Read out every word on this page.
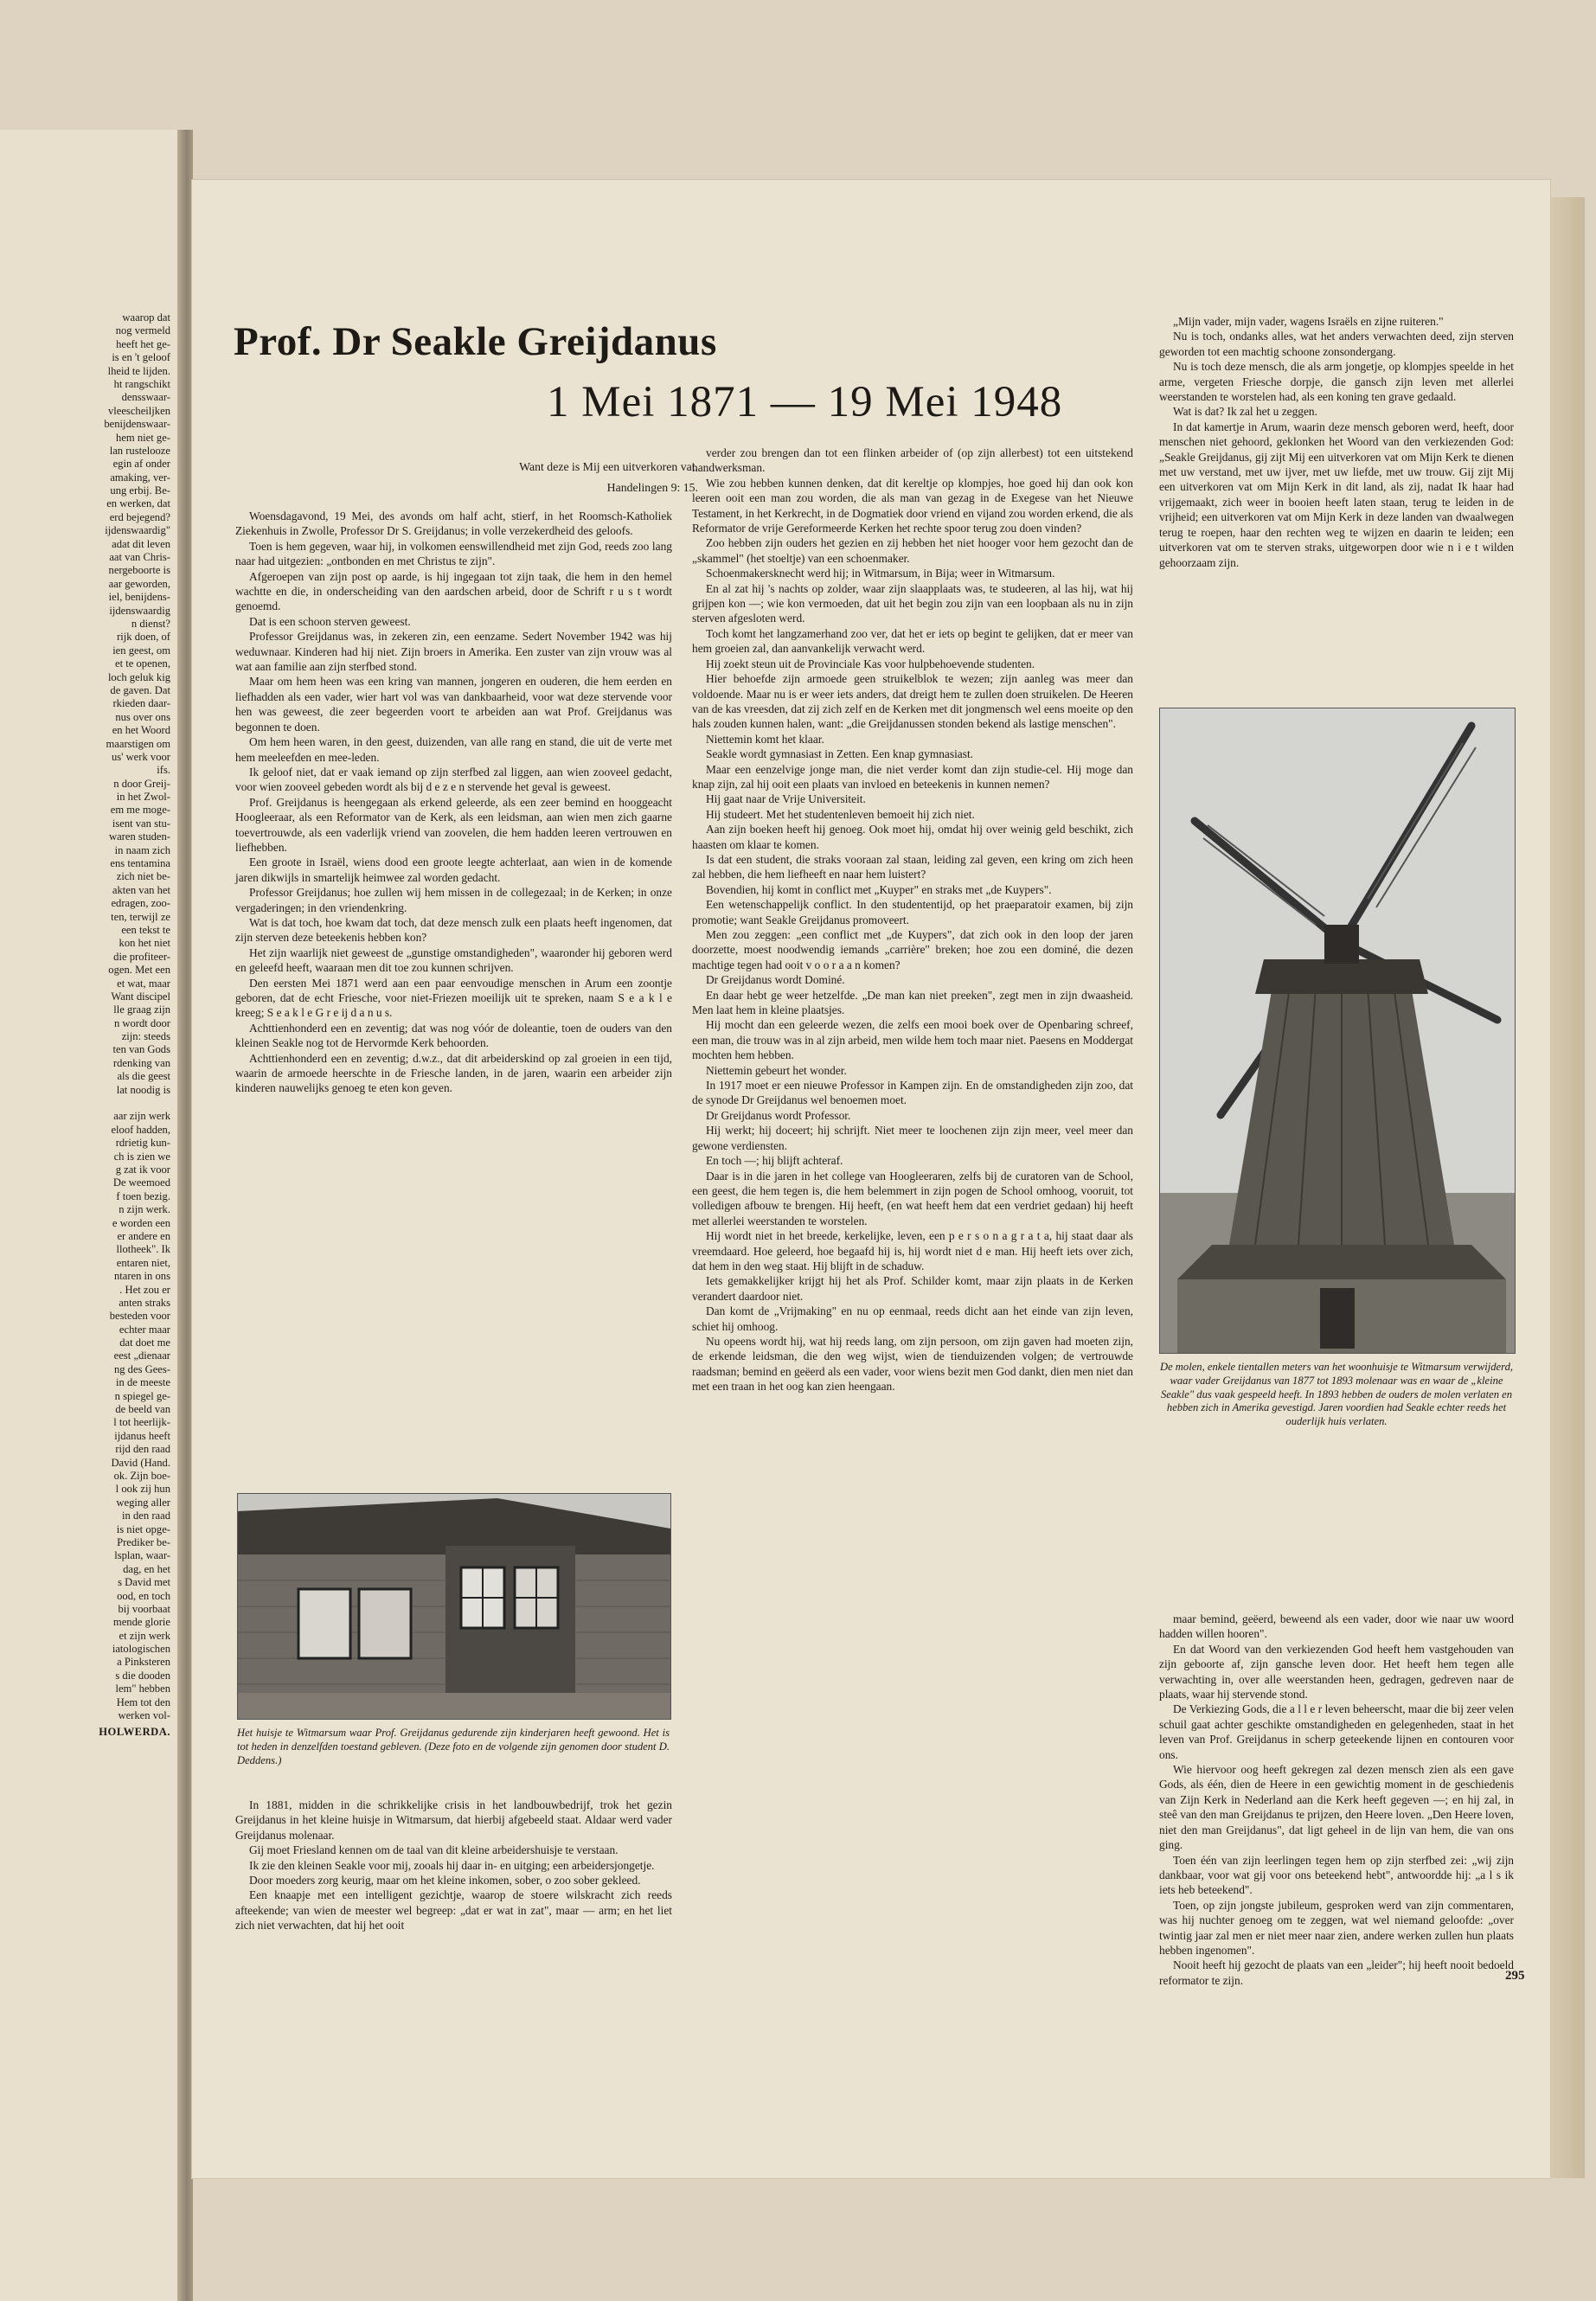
waarop dat
nog vermeld
heeft het ge-
is en 't geloof
lheid te lijden.
ht rangschikt
densswaar-
vleescheiljken
benijdenswaar-
hem niet ge-
lan rusteloozе
egin af onder
amaking, ver-
ung erbij. Be-
en werken, dat
erd bejegend?
ijdenswaardig"
adat dit leven
aat van Chris-
nergeboorte is
aar geworden,
iel, benijdens-
ijdenswaardig
n dienst?
rijk doen, of
ien geest, om
et te openen,
loch geluk kig
de gaven. Dat
rkieden daar-
nus over ons
en het Woord
maarstigen om
us' werk voor
ifs.
n door Greij-
in het Zwol-
em me moge-
isent van stu-
waren studen-
in naam zich
ens tentamina
zich niet be-
akten van het
edragen, zoo-
ten, terwijl ze
een tekst te
kon het niet
die profiteer-
ogen. Met een
et wat, maar
Want discipel
lle graag zijn
n wordt door
zijn: steeds
ten van Gods
rdenking van
als die geest
lat noodig is
aar zijn werk
eloof hadden,
rdrietig kun-
ch is zien we
g zat ik voor
De weemoed
f toen bezig.
n zijn werk.
e worden een
er andere en
llotheek". Ik
entaren niet,
ntaren in ons
. Het zou er
anten straks
besteden voor
echter maar
dat doet me
eest „dienaar
ng des Gees-
in de meeste
n spiegel ge-
de beeld van
l tot heerlijk-
ijdanus heeft
rijd den raad
David (Hand.
ok. Zijn boe-
l ook zij hun
weging aller
in den raad
is niet opge-
Prediker be-
lsplan, waar-
dag, en het
s David met
ood, en toch
bij voorbaat
mende glorie
et zijn werk
iatologischen
a Pinksteren
s die dooden
lem" hebben
Hem tot den
werken vol-
HOLWERDA.
Prof. Dr Seakle Greijdanus
1 Mei 1871 — 19 Mei 1948
Want deze is Mij een uitverkoren vat.
Handelingen 9: 15.

Woensdagavond, 19 Mei, des avonds om half acht, stierf, in het Roomsch-Katholiek Ziekenhuis in Zwolle, Professor Dr S. Greijdanus; in volle verzekerdheid des geloofs.

Toen is hem gegeven, waar hij, in volkomen eenswillendheid met zijn God, reeds zoo lang naar had uitgezien: „ontbonden en met Christus te zijn".

Afgeroepen van zijn post op aarde, is hij ingegaan tot zijn taak, die hem in den hemel wachtte en die, in onderscheiding van den aardschen arbeid, door de Schrift r u s t wordt genoemd.

Dat is een schoon sterven geweest.

Professor Greijdanus was, in zekeren zin, een eenzame. Sedert November 1942 was hij weduwnaar. Kinderen had hij niet. Zijn broers in Amerika. Een zuster van zijn vrouw was al wat aan familie aan zijn sterfbed stond.

Maar om hem heen was een kring van mannen, jongeren en ouderen, die hem eerden en liefhadden als een vader, wier hart vol was van dankbaarheid, voor wat deze stervende voor hen was geweest, die zeer begeerden voort te arbeiden aan wat Prof. Greijdanus was begonnen te doen.

Om hem heen waren, in den geest, duizenden, van alle rang en stand, die uit de verte met hem meeleefden en mee-leden.

Ik geloof niet, dat er vaak iemand op zijn sterfbed zal liggen, aan wien zooveel gedacht, voor wien zooveel gebeden wordt als bij d e z e n stervende het geval is geweest.

Prof. Greijdanus is heengegaan als erkend geleerde, als een zeer bemind en hooggeacht Hoogleeraar, als een Reformator van de Kerk, als een leidsman, aan wien men zich gaarne toevertrouwde, als een vaderlijk vriend van zoovelen, die hem hadden leeren vertrouwen en liefhebben.

Een groote in Israël, wiens dood een groote leegte achterlaat, aan wien in de komende jaren dikwijls in smartelijk heimwee zal worden gedacht.

Professor Greijdanus; hoe zullen wij hem missen in de collegezaal; in de Kerken; in onze vergaderingen; in den vriendenkring.

Wat is dat toch, hoe kwam dat toch, dat deze mensch zulk een plaats heeft ingenomen, dat zijn sterven deze beteekenis hebben kon?

Het zijn waarlijk niet geweest de „gunstige omstandigheden", waaronder hij geboren werd en geleefd heeft, waaraan men dit toe zou kunnen schrijven.

Den eersten Mei 1871 werd aan een paar eenvoudige menschen in Arum een zoontje geboren, dat de echt Friesche, voor niet-Friezen moeilijk uit te spreken, naam S e a k l e kreeg; S e a k l e G r e ij d a n u s.

Achttienhonderd een en zeventig; dat was nog vóór de doleantie, toen de ouders van den kleinen Seakle nog tot de Hervormde Kerk behoorden.

Achttienhonderd een en zeventig; d.w.z., dat dit arbeiderskind op zal groeien in een tijd, waarin de armoede heerschte in de Friesche landen, in de jaren, waarin een arbeider zijn kinderen nauwelijks genoeg te eten kon geven.

Het huisje te Witmarsum waar Prof. Greijdanus gedurende zijn kinderjaren heeft gewoond. Het is tot heden in denzelfden toestand gebleven. (Deze foto en de volgende zijn genomen door student D. Deddens.)

In 1881, midden in die schrikkelijke crisis in het landbouwbedrijf, trok het gezin Greijdanus in het kleine huisje in Witmarsum, dat hierbij afgebeeld staat. Aldaar werd vader Greijdanus molenaar.

Gij moet Friesland kennen om de taal van dit kleine arbeidershuisje te verstaan.

Ik zie den kleinen Seakle voor mij, zooals hij daar in- en uitging; een arbeidersjongetje.

Door moeders zorg keurig, maar om het kleine inkomen, sober, o zoo sober gekleed.

Een knaapje met een intelligent gezichtje, waarop de stoere wilskracht zich reeds afteekende; van wien de meester wel begreep: „dat er wat in zat", maar — arm; en het liet zich niet verwachten, dat hij het ooit

verder zou brengen dan tot een flinken arbeider of (op zijn allerbest) tot een uitstekend handwerksman.

Wie zou hebben kunnen denken, dat dit kereltje op klompjes, hoe goed hij dan ook kon leeren ooit een man zou worden, die als man van gezag in de Exegese van het Nieuwe Testament, in het Kerkrecht, in de Dogmatiek door vriend en vijand zou worden erkend, die als Reformator de vrije Gereformeerde Kerken het rechte spoor terug zou doen vinden?

Zoo hebben zijn ouders het gezien en zij hebben het niet hooger voor hem gezocht dan de „skammel" (het stoeltje) van een schoenmaker.

Schoenmakersknecht werd hij; in Witmarsum, in Bija; weer in Witmarsum.

En al zat hij 's nachts op zolder, waar zijn slaapplaats was, te studeeren, al las hij, wat hij grijpen kon —; wie kon vermoeden, dat uit het begin zou zijn van een loopbaan als nu in zijn sterven afgesloten werd.

Toch komt het langzamerhand zoo ver, dat het er iets op begint te gelijken, dat er meer van hem groeien zal, dan aanvankelijk verwacht werd.

Hij zoekt steun uit de Provinciale Kas voor hulpbehoevende studenten.

Hier behoefde zijn armoede geen struikelblok te wezen; zijn aanleg was meer dan voldoende. Maar nu is er weer iets anders, dat dreigt hem te zullen doen struikelen. De Heeren van de kas vreesden, dat zij zich zelf en de Kerken met dit jongmensch wel eens moeite op den hals zouden kunnen halen, want: „die Greijdanussen stonden bekend als lastige menschen".

Niettemin komt het klaar.

Seakle wordt gymnasiast in Zetten. Een knap gymnasiast.

Maar een eenzelvige jonge man, die niet verder komt dan zijn studie-cel. Hij moge dan knap zijn, zal hij ooit een plaats van invloed en beteekenis in kunnen nemen?

Hij gaat naar de Vrije Universiteit.

Hij studeert. Met het studentenleven bemoeit hij zich niet.

Aan zijn boeken heeft hij genoeg. Ook moet hij, omdat hij over weinig geld beschikt, zich haasten om klaar te komen.

Is dat een student, die straks vooraan zal staan, leiding zal geven, een kring om zich heen zal hebben, die hem liefheeft en naar hem luistert?

Bovendien, hij komt in conflict met „Kuyper" en straks met „de Kuypers".

Een wetenschappelijk conflict. In den studententijd, op het praeparatoir examen, bij zijn promotie; want Seakle Greijdanus promoveert.

Men zou zeggen: „een conflict met „de Kuypers", dat zich ook in den loop der jaren doorzette, moest noodwendig iemands „carrière" breken; hoe zou een dominé, die dezen machtige tegen had ooit v o o r a a n komen?

Dr Greijdanus wordt Dominé.

En daar hebt ge weer hetzelfde. „De man kan niet preeken", zegt men in zijn dwaasheid. Men laat hem in kleine plaatsjes.

Hij mocht dan een geleerde wezen, die zelfs een mooi boek over de Openbaring schreef, een man, die trouw was in al zijn arbeid, men wilde hem toch maar niet. Paesens en Moddergat mochten hem hebben.

Niettemin gebeurt het wonder.

In 1917 moet er een nieuwe Professor in Kampen zijn. En de omstandigheden zijn zoo, dat de synode Dr Greijdanus wel benoemen moet.

Dr Greijdanus wordt Professor.

Hij werkt; hij doceert; hij schrijft. Niet meer te loochenen zijn zijn meer, veel meer dan gewone verdiensten.

En toch —; hij blijft achteraf.

Daar is in die jaren in het college van Hoogleeraren, zelfs bij de curatoren van de School, een geest, die hem tegen is, die hem belemmert in zijn pogen de School omhoog, vooruit, tot volledigen afbouw te brengen. Hij heeft, (en wat heeft hem dat een verdriet gedaan) hij heeft met allerlei weerstanden te worstelen.

Hij wordt niet in het breede, kerkelijke, leven, een p e r s o n a g r a t a, hij staat daar als vreemdaard. Hoe geleerd, hoe begaafd hij is, hij wordt niet d e man. Hij heeft iets over zich, dat hem in den weg staat. Hij blijft in de schaduw.

Iets gemakkelijker krijgt hij het als Prof. Schilder komt, maar zijn plaats in de Kerken verandert daardoor niet.

Dan komt de „Vrijmaking" en nu op eenmaal, reeds dicht aan het einde van zijn leven, schiet hij omhoog.

Nu opeens wordt hij, wat hij reeds lang, om zijn persoon, om zijn gaven had moeten zijn, de erkende leidsman, die den weg wijst, wien de tienduizenden volgen; de vertrouwde raadsman; bemind en geëerd als een vader, voor wiens bezit men God dankt, dien men niet dan met een traan in het oog kan zien heengaan.

„Mijn vader, mijn vader, wagens Israëls en zijne ruiteren."

Nu is toch, ondanks alles, wat het anders verwachten deed, zijn sterven geworden tot een machtig schoone zonsondergang.

Nu is toch deze mensch, die als arm jongetje, op klompjes speelde in het arme, vergeten Friesche dorpje, die gansch zijn leven met allerlei weerstanden te worstelen had, als een koning ten grave gedaald.

Wat is dat? Ik zal het u zeggen.

In dat kamertje in Arum, waarin deze mensch geboren werd, heeft, door menschen niet gehoord, geklonken het Woord van den verkiezenden God: „Seakle Greijdanus, gij zijt Mij een uitverkoren vat om Mijn Kerk te dienen met uw verstand, met uw ijver, met uw liefde, met uw trouw. Gij zijt Mij een uitverkoren vat om Mijn Kerk in dit land, als zij, nadat Ik haar had vrijgemaakt, zich weer in booien heeft laten staan, terug te leiden in de vrijheid; een uitverkoren vat om Mijn Kerk in deze landen van dwaalwegen terug te roepen, haar den rechten weg te wijzen en daarin te leiden; een uitverkoren vat om te sterven straks, uitgeworpen door wie n i e t wilden gehoorzaam zijn.

De molen, enkele tientallen meters van het woonhuisje te Witmarsum verwijderd, waar vader Greijdanus van 1877 tot 1893 molenaar was en waar de „kleine Seakle" dus vaak gespeeld heeft. In 1893 hebben de ouders de molen verlaten en hebben zich in Amerika gevestigd. Jaren voordien had Seakle echter reeds het ouderlijk huis verlaten.

maar bemind, geëerd, beweend als een vader, door wie naar uw woord hadden willen hooren".

En dat Woord van den verkiezenden God heeft hem vastgehouden van zijn geboorte af, zijn gansche leven door. Het heeft hem tegen alle verwachting in, over alle weerstanden heen, gedragen, gedreven naar de plaats, waar hij stervende stond.

De Verkiezing Gods, die a l l e r leven beheerscht, maar die bij zeer velen schuil gaat achter geschikte omstandigheden en gelegenheden, staat in het leven van Prof. Greijdanus in scherp geteekende lijnen en contouren voor ons.

Wie hiervoor oog heeft gekregen zal dezen mensch zien als een gave Gods, als één, dien de Heere in een gewichtig moment in de geschiedenis van Zijn Kerk in Nederland aan die Kerk heeft gegeven —; en hij zal, in steê van den man Greijdanus te prijzen, den Heere loven. „Den Heere loven, niet den man Greijdanus", dat ligt geheel in de lijn van hem, die van ons ging.

Toen één van zijn leerlingen tegen hem op zijn sterfbed zei: „wij zijn dankbaar, voor wat gij voor ons beteekend hebt", antwoordde hij: „a l s ik iets heb beteekend".

Toen, op zijn jongste jubileum, gesproken werd van zijn commentaren, was hij nuchter genoeg om te zeggen, wat wel niemand geloofde: „over twintig jaar zal men er niet meer naar zien, andere werken zullen hun plaats hebben ingenomen".

Nooit heeft hij gezocht de plaats van een „leider"; hij heeft nooit bedoeld reformator te zijn.	295
